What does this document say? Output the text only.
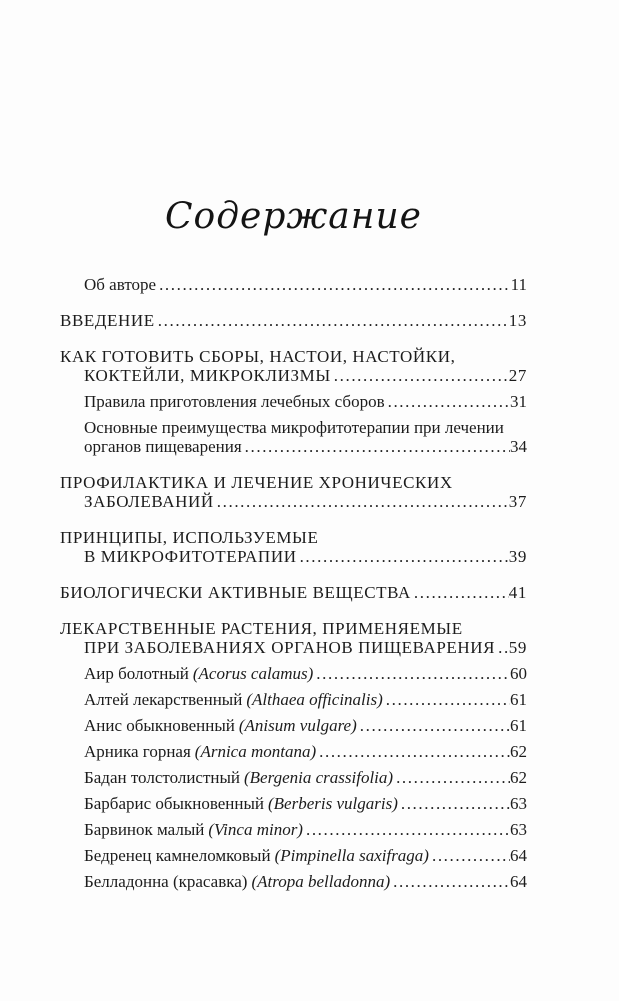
Содержание
Об авторе .....	11
ВВЕДЕНИЕ .....	13
КАК ГОТОВИТЬ СБОРЫ, НАСТОИ, НАСТОЙКИ,
КОКТЕЙЛИ, МИКРОКЛИЗМЫ .....	27
Правила приготовления лечебных сборов .....	31
Основные преимущества микрофитотерапии при лечении
органов пищеварения .....	34
ПРОФИЛАКТИКА И ЛЕЧЕНИЕ ХРОНИЧЕСКИХ
ЗАБОЛЕВАНИЙ .....	37
ПРИНЦИПЫ, ИСПОЛЬЗУЕМЫЕ
В МИКРОФИТОТЕРАПИИ .....	39
БИОЛОГИЧЕСКИ АКТИВНЫЕ ВЕЩЕСТВА .....	41
ЛЕКАРСТВЕННЫЕ РАСТЕНИЯ, ПРИМЕНЯЕМЫЕ
ПРИ ЗАБОЛЕВАНИЯХ ОРГАНОВ ПИЩЕВАРЕНИЯ ..... 59
Аир болотный (Acorus calamus) .....	60
Алтей лекарственный (Althaea officinalis) .....	61
Анис обыкновенный (Anisum vulgare) .....	61
Арника горная (Arnica montana) .....	62
Бадан толстолистный (Bergenia crassifolia) .....	62
Барбарис обыкновенный (Berberis vulgaris) .....	63
Барвинок малый (Vinca minor) .....	63
Бедренец камнеломковый (Pimpinella saxifraga) .....	64
Белладонна (красавка) (Atropa belladonna) .....	64
